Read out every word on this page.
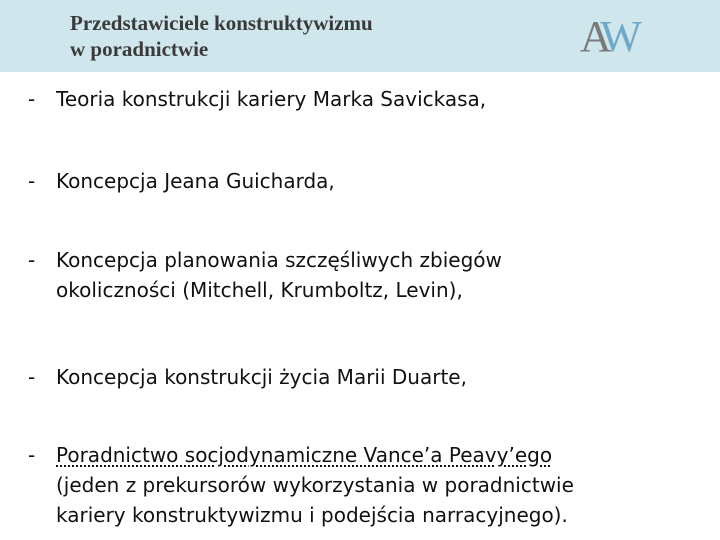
Przedstawiciele konstruktywizmu
w poradnictwie	AW
-	Teoria konstrukcji kariery Marka Savickasa,
-	Koncepcja Jeana Guicharda,
-	Koncepcja planowania szczęśliwych zbiegów
okoliczności (Mitchell, Krumboltz, Levin),
-	Koncepcja konstrukcji życia Marii Duarte,
-	Poradnictwo socjodynamiczne Vance’a Peavy’ego
(jeden z prekursorów wykorzystania w poradnictwie
kariery konstruktywizmu i podejścia narracyjnego).
